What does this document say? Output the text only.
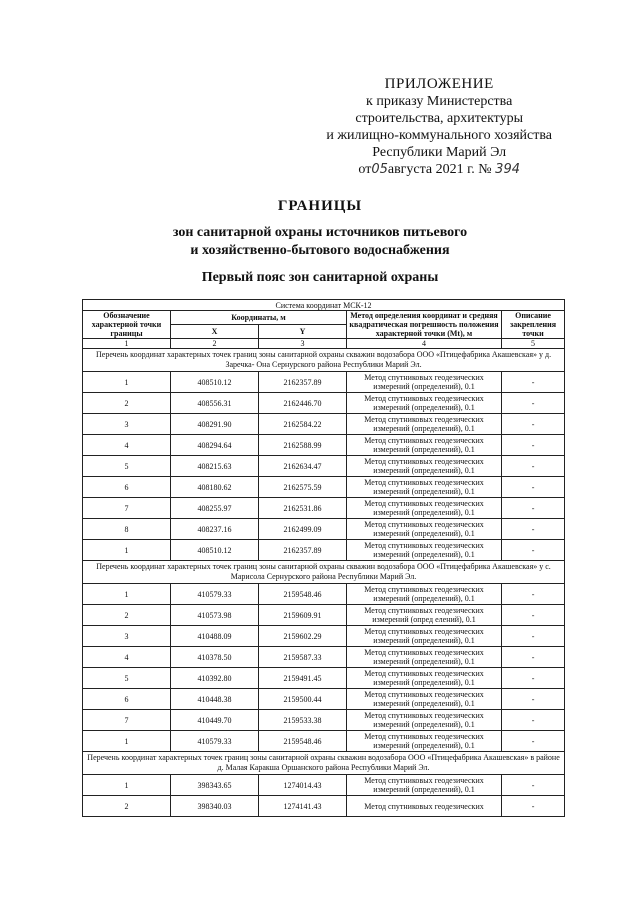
ПРИЛОЖЕНИЕ
к приказу Министерства
строительства, архитектуры
и жилищно-коммунального хозяйства
Республики Марий Эл
от05августа 2021 г. № 394
ГРАНИЦЫ
зон санитарной охраны источников питьевого
и хозяйственно-бытового водоснабжения
Первый пояс зон санитарной охраны
Система координат МСК-12				
Обозначение характерной точки границы	Координаты, м		Метод определения координат и средняя квадратическая погрешность положения характерной точки (Mt), м	Описание закрепления точки
	X	Y		
1	2	3	4	5
Перечень координат характерных точек границ зоны санитарной охраны скважин водозабора ООО «Птицефабрика Акашевская» у д. Заречка- Она Сернурского района Республики Марий Эл.				
1	408510.12	2162357.89	Метод спутниковых геодезических измерений (определений), 0.1	-
2	408556.31	2162446.70	Метод спутниковых геодезических измерений (определений), 0.1	-
3	408291.90	2162584.22	Метод спутниковых геодезических измерений (определений), 0.1	-
4	408294.64	2162588.99	Метод спутниковых геодезических измерений (определений), 0.1	-
5	408215.63	2162634.47	Метод спутниковых геодезических измерений (определений), 0.1	-
6	408180.62	2162575.59	Метод спутниковых геодезических измерений (определений), 0.1	-
7	408255.97	2162531.86	Метод спутниковых геодезических измерений (определений), 0.1	-
8	408237.16	2162499.09	Метод спутниковых геодезических измерений (определений), 0.1	-
1	408510.12	2162357.89	Метод спутниковых геодезических измерений (определений), 0.1	-
Перечень координат характерных точек границ зоны санитарной охраны скважин водозабора ООО «Птицефабрика Акашевская» у с. Марисола Сернурского района Республики Марий Эл.				
1	410579.33	2159548.46	Метод спутниковых геодезических измерений (определений), 0.1	-
2	410573.98	2159609.91	Метод спутниковых геодезических измерений (опред елений), 0.1	-
3	410488.09	2159602.29	Метод спутниковых геодезических измерений (определений), 0.1	-
4	410378.50	2159587.33	Метод спутниковых геодезических измерений (определений), 0.1	-
5	410392.80	2159491.45	Метод спутниковых геодезических измерений (определений), 0.1	-
6	410448.38	2159500.44	Метод спутниковых геодезических измерений (определений), 0.1	-
7	410449.70	2159533.38	Метод спутниковых геодезических измерений (определений), 0.1	-
1	410579.33	2159548.46	Метод спутниковых геодезических измерений (определений), 0.1	-
Перечень координат характерных точек границ зоны санитарной охраны скважин водозабора ООО «Птицефабрика Акашевская» в районе д. Малая Каракша Оршанского района Республики Марий Эл.				
1	398343.65	1274014.43	Метод спутниковых геодезических измерений (определений), 0.1	-
2	398340.03	1274141.43	Метод спутниковых геодезических	-
